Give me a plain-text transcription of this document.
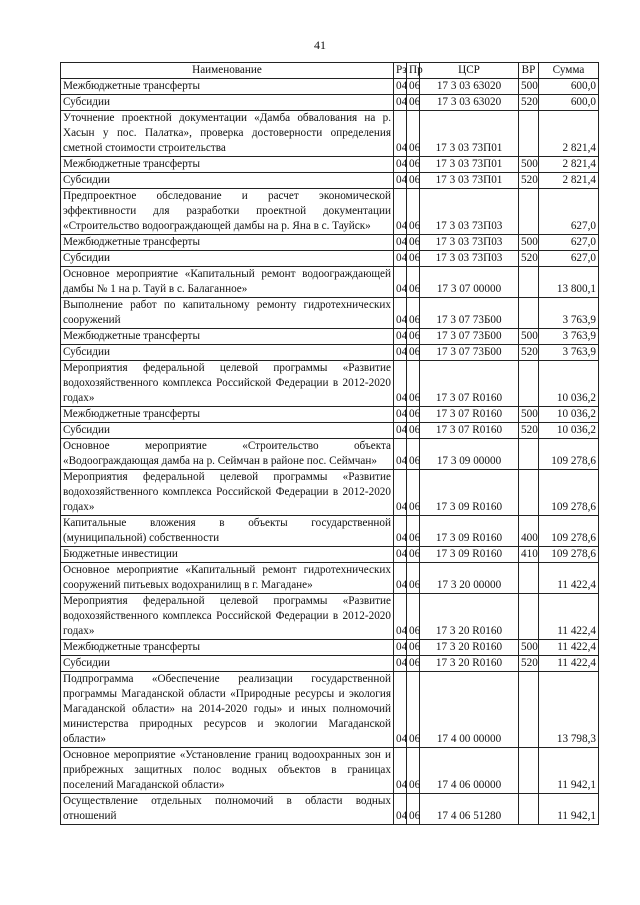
41
Наименование	Рз	Пр	ЦСР	ВР	Сумма
Межбюджетные трансферты	04	06	17 3 03 63020	500	600,0
Субсидии	04	06	17 3 03 63020	520	600,0
Уточнение проектной документации «Дамба обвалования на р. Хасын у пос. Палатка», проверка достоверности определения сметной стоимости строительства	04	06	17 3 03 73П01		2 821,4
Межбюджетные трансферты	04	06	17 3 03 73П01	500	2 821,4
Субсидии	04	06	17 3 03 73П01	520	2 821,4
Предпроектное обследование и расчет экономической эффективности для разработки проектной документации «Строительство водоограждающей дамбы на р. Яна в с. Тауйск»	04	06	17 3 03 73П03		627,0
Межбюджетные трансферты	04	06	17 3 03 73П03	500	627,0
Субсидии	04	06	17 3 03 73П03	520	627,0
Основное мероприятие «Капитальный ремонт водоограждающей дамбы № 1 на р. Тауй в с. Балаганное»	04	06	17 3 07 00000		13 800,1
Выполнение работ по капитальному ремонту гидротехнических сооружений	04	06	17 3 07 73Б00		3 763,9
Межбюджетные трансферты	04	06	17 3 07 73Б00	500	3 763,9
Субсидии	04	06	17 3 07 73Б00	520	3 763,9
Мероприятия федеральной целевой программы «Развитие водохозяйственного комплекса Российской Федерации в 2012-2020 годах»	04	06	17 3 07 R0160		10 036,2
Межбюджетные трансферты	04	06	17 3 07 R0160	500	10 036,2
Субсидии	04	06	17 3 07 R0160	520	10 036,2
Основное мероприятие «Строительство объекта «Водоограждающая дамба на р. Сеймчан в районе пос. Сеймчан»	04	06	17 3 09 00000		109 278,6
Мероприятия федеральной целевой программы «Развитие водохозяйственного комплекса Российской Федерации в 2012-2020 годах»	04	06	17 3 09 R0160		109 278,6
Капитальные вложения в объекты государственной (муниципальной) собственности	04	06	17 3 09 R0160	400	109 278,6
Бюджетные инвестиции	04	06	17 3 09 R0160	410	109 278,6
Основное мероприятие «Капитальный ремонт гидротехнических сооружений питьевых водохранилищ в г. Магадане»	04	06	17 3 20 00000		11 422,4
Мероприятия федеральной целевой программы «Развитие водохозяйственного комплекса Российской Федерации в 2012-2020 годах»	04	06	17 3 20 R0160		11 422,4
Межбюджетные трансферты	04	06	17 3 20 R0160	500	11 422,4
Субсидии	04	06	17 3 20 R0160	520	11 422,4
Подпрограмма «Обеспечение реализации государственной программы Магаданской области «Природные ресурсы и экология Магаданской области» на 2014-2020 годы» и иных полномочий министерства природных ресурсов и экологии Магаданской области»	04	06	17 4 00 00000		13 798,3
Основное мероприятие «Установление границ водоохранных зон и прибрежных защитных полос водных объектов в границах поселений Магаданской области»	04	06	17 4 06 00000		11 942,1
Осуществление отдельных полномочий в области водных отношений	04	06	17 4 06 51280		11 942,1
